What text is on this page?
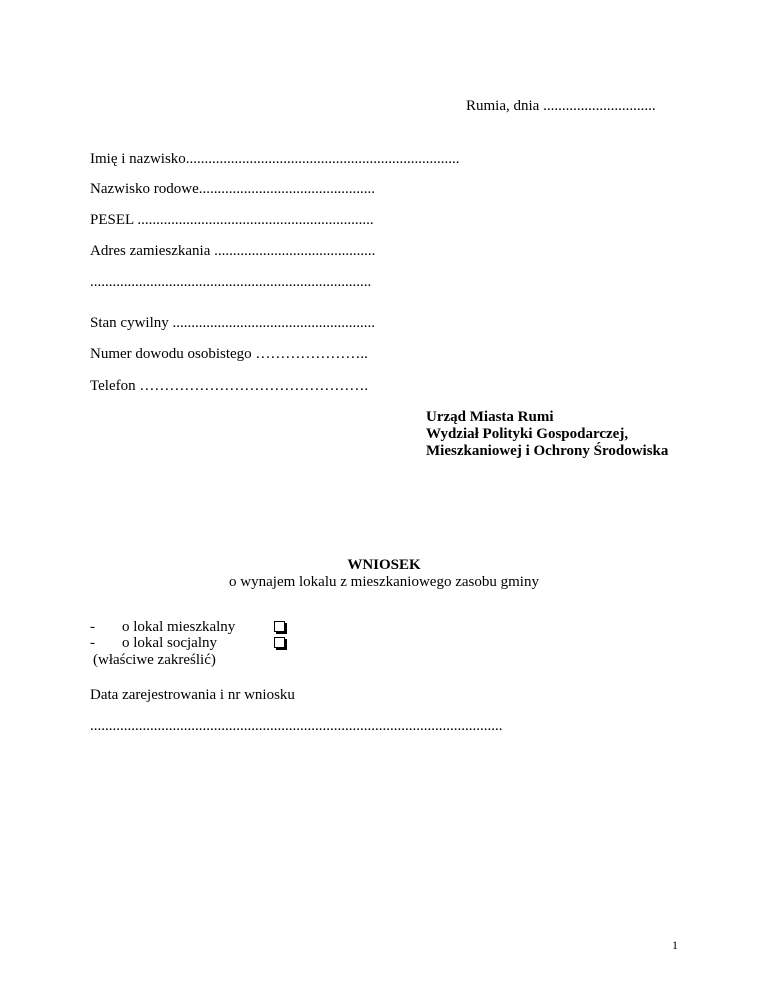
Rumia, dnia ..............................
Imię i nazwisko.........................................................................
Nazwisko rodowe...............................................
PESEL ...............................................................
Adres zamieszkania ...........................................
...........................................................................
Stan cywilny ......................................................
Numer dowodu osobistego …………………..
Telefon ……………………………………….
Urząd Miasta Rumi
Wydział Polityki Gospodarczej,
Mieszkaniowej i Ochrony Środowiska
WNIOSEK
o wynajem lokalu z mieszkaniowego zasobu gminy
- o lokal mieszkalny
- o lokal socjalny
(właściwe zakreślić)
Data zarejestrowania i nr wniosku
..............................................................................................................
1
